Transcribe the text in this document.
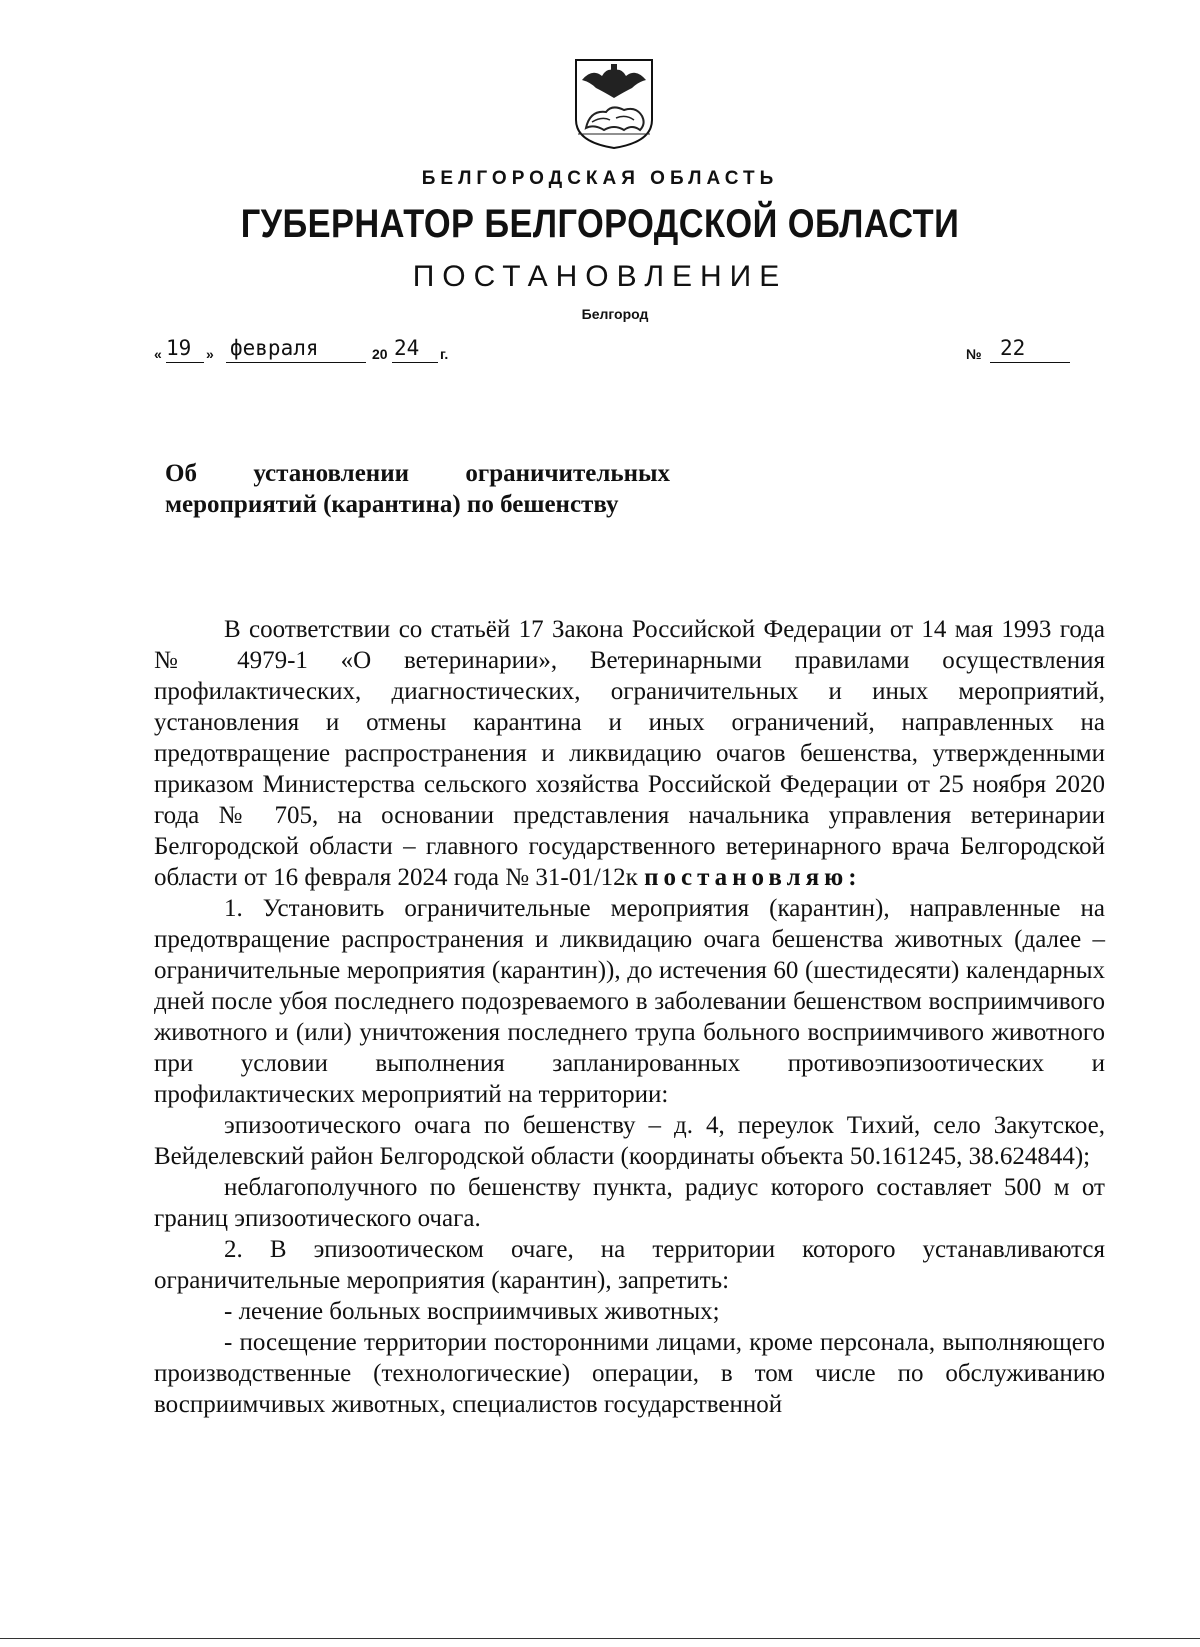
БЕЛГОРОДСКАЯ ОБЛАСТЬ
ГУБЕРНАТОР БЕЛГОРОДСКОЙ ОБЛАСТИ
ПОСТАНОВЛЕНИЕ
Белгород
« 19 » февраля	20 24 г.	№ 22
Об установлении ограничительных
мероприятий (карантина) по бешенству

В соответствии со статьёй 17 Закона Российской Федерации от 14 мая 1993 года № 4979-1 «О ветеринарии», Ветеринарными правилами осуществления профилактических, диагностических, ограничительных и иных мероприятий, установления и отмены карантина и иных ограничений, направленных на предотвращение распространения и ликвидацию очагов бешенства, утвержденными приказом Министерства сельского хозяйства Российской Федерации от 25 ноября 2020 года № 705, на основании представления начальника управления ветеринарии Белгородской области – главного государственного ветеринарного врача Белгородской области от 16 февраля 2024 года № 31-01/12к постановляю:

1. Установить ограничительные мероприятия (карантин), направленные на предотвращение распространения и ликвидацию очага бешенства животных (далее – ограничительные мероприятия (карантин)), до истечения 60 (шестидесяти) календарных дней после убоя последнего подозреваемого в заболевании бешенством восприимчивого животного и (или) уничтожения последнего трупа больного восприимчивого животного при условии выполнения запланированных противоэпизоотических и профилактических мероприятий на территории:

эпизоотического очага по бешенству – д. 4, переулок Тихий, село Закутское, Вейделевский район Белгородской области (координаты объекта 50.161245, 38.624844);

неблагополучного по бешенству пункта, радиус которого составляет 500 м от границ эпизоотического очага.

2. В эпизоотическом очаге, на территории которого устанавливаются ограничительные мероприятия (карантин), запретить:

- лечение больных восприимчивых животных;

- посещение территории посторонними лицами, кроме персонала, выполняющего производственные (технологические) операции, в том числе по обслуживанию восприимчивых животных, специалистов государственной
